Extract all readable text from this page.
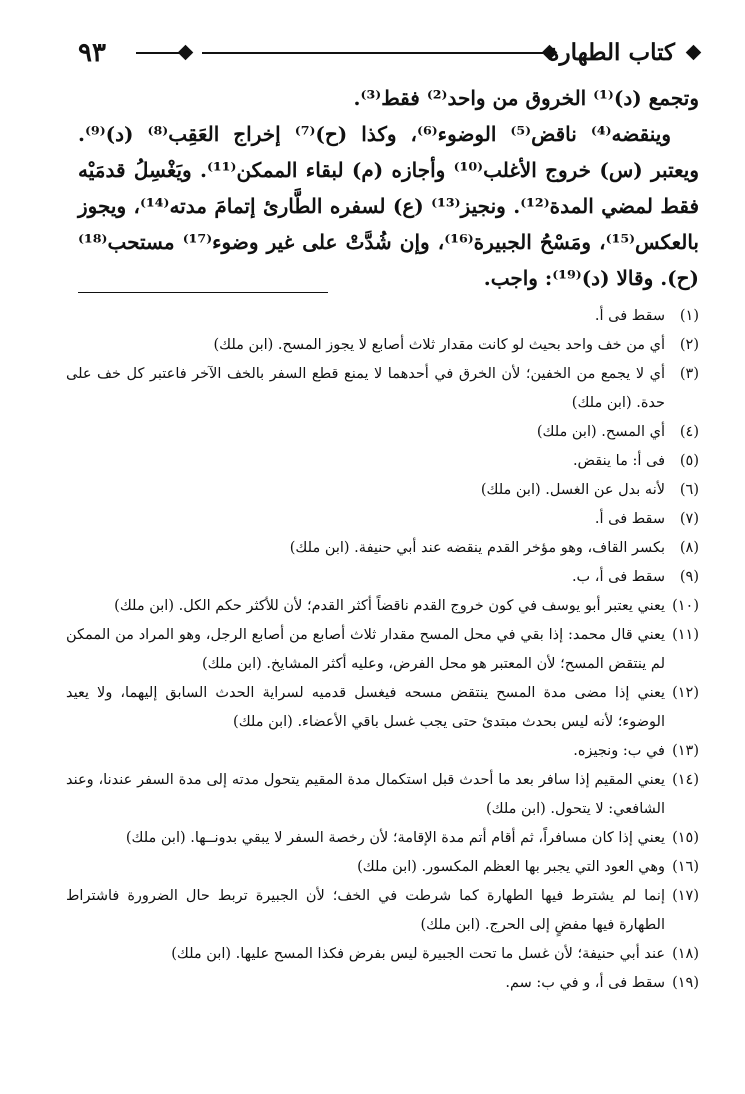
٩٣	كتاب الطهارة

وتجمع (د)⁽¹⁾ الخروق من واحد⁽²⁾ فقط⁽³⁾.

وينقضه⁽⁴⁾ ناقض⁽⁵⁾ الوضوء⁽⁶⁾، وكذا (ح)⁽⁷⁾ إخراج العَقِب⁽⁸⁾ (د)⁽⁹⁾. ويعتبر (س) خروج الأغلب⁽¹⁰⁾ وأجازه (م) لبقاء الممكن⁽¹¹⁾. ويَغْسِلُ قدمَيْه فقط لمضي المدة⁽¹²⁾. ونجيز⁽¹³⁾ (ع) لسفره الطَّارئ إتمامَ مدته⁽¹⁴⁾، ويجوز بالعكس⁽¹⁵⁾، ومَسْحُ الجبيرة⁽¹⁶⁾، وإن شُدَّتْ على غير وضوء⁽¹⁷⁾ مستحب⁽¹⁸⁾ (ح). وقالا (د)⁽¹⁹⁾: واجب.

(١)
سقط فى أ.
(٢)
أي من خف واحد بحيث لو كانت مقدار ثلاث أصابع لا يجوز المسح. (ابن ملك)
(٣)
أي لا يجمع من الخفين؛ لأن الخرق في أحدهما لا يمنع قطع السفر بالخف الآخر فاعتبر كل خف على حدة. (ابن ملك)
(٤)
أي المسح. (ابن ملك)
(٥)
فى أ: ما ينقض.
(٦)
لأنه بدل عن الغسل. (ابن ملك)
(٧)
سقط فى أ.
(٨)
بكسر القاف، وهو مؤخر القدم ينقضه عند أبي حنيفة. (ابن ملك)
(٩)
سقط فى أ، ب.
(١٠)
يعني يعتبر أبو يوسف في كون خروج القدم ناقضاً أكثر القدم؛ لأن للأكثر حكم الكل. (ابن ملك)
(١١)
يعني قال محمد: إذا بقي في محل المسح مقدار ثلاث أصابع من أصابع الرجل، وهو المراد من الممكن لم ينتقض المسح؛ لأن المعتبر هو محل الفرض، وعليه أكثر المشايخ. (ابن ملك)
(١٢)
يعني إذا مضى مدة المسح ينتقض مسحه فيغسل قدميه لسراية الحدث السابق إليهما، ولا يعيد الوضوء؛ لأنه ليس بحدث مبتدئ حتى يجب غسل باقي الأعضاء. (ابن ملك)
(١٣)
في ب: ونجيزه.
(١٤)
يعني المقيم إذا سافر بعد ما أحدث قبل استكمال مدة المقيم يتحول مدته إلى مدة السفر عندنا، وعند الشافعي: لا يتحول. (ابن ملك)
(١٥)
يعني إذا كان مسافراً، ثم أقام أتم مدة الإقامة؛ لأن رخصة السفر لا يبقي بدونــها. (ابن ملك)
(١٦)
وهي العود التي يجبر بها العظم المكسور. (ابن ملك)
(١٧)
إنما لم يشترط فيها الطهارة كما شرطت في الخف؛ لأن الجبيرة تربط حال الضرورة فاشتراط الطهارة فيها مفضٍ إلى الحرج. (ابن ملك)
(١٨)
عند أبي حنيفة؛ لأن غسل ما تحت الجبيرة ليس بفرض فكذا المسح عليها. (ابن ملك)
(١٩)
سقط فى أ، و في ب: سم.
